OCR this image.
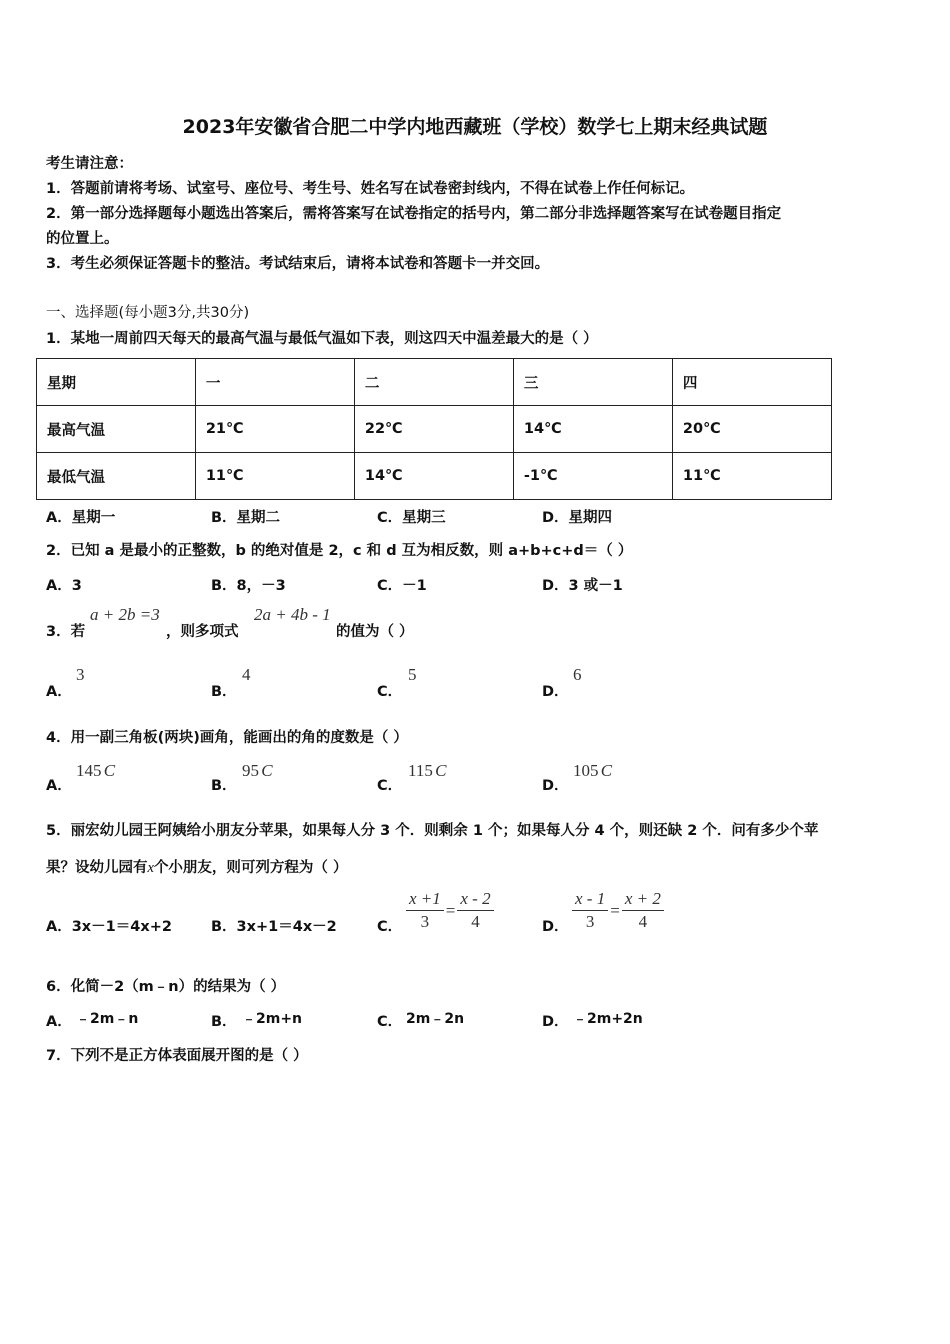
2023年安徽省合肥二中学内地西藏班（学校）数学七上期末经典试题
考生请注意：
1．答题前请将考场、试室号、座位号、考生号、姓名写在试卷密封线内，不得在试卷上作任何标记。
2．第一部分选择题每小题选出答案后，需将答案写在试卷指定的括号内，第二部分非选择题答案写在试卷题目指定
的位置上。
3．考生必须保证答题卡的整洁。考试结束后，请将本试卷和答题卡一并交回。
一、选择题(每小题3分,共30分)
1．某地一周前四天每天的最高气温与最低气温如下表，则这四天中温差最大的是（ ）
星期	一	二	三	四
最高气温	21℃	22℃	14℃	20℃
最低气温	11℃	14℃	-1℃	11℃
A．星期一	B．星期二	C．星期三	D．星期四
2．已知 a 是最小的正整数，b 的绝对值是 2，c 和 d 互为相反数，则 a+b+c+d＝（ ）
A．3	B．8，－3	C．－1	D．3 或－1
3．若
a + 2b =3
，则多项式
2a + 4b - 1
的值为（ ）
A．
3
B．
4
C．
5
D．
6
4．用一副三角板(两块)画角，能画出的角的度数是（ ）
A．
145 C
B．
95 C
C．
115 C
D．
105 C
5．丽宏幼儿园王阿姨给小朋友分苹果，如果每人分 3 个．则剩余 1 个；如果每人分 4 个，则还缺 2 个．问有多少个苹
果？设幼儿园有x个小朋友，则可列方程为（ ）
A．3x－1＝4x+2	B．3x+1＝4x－2	C． $\frac{x +1}{3} = \frac{x - 2}{4}$	D． $\frac{x - 1}{3} = \frac{x + 2}{4}$
6．化简－2（m﹣n）的结果为（ ）
A． ﹣2m﹣n	B． ﹣2m+n	C． 2m﹣2n	D． ﹣2m+2n
7．下列不是正方体表面展开图的是（ ）
